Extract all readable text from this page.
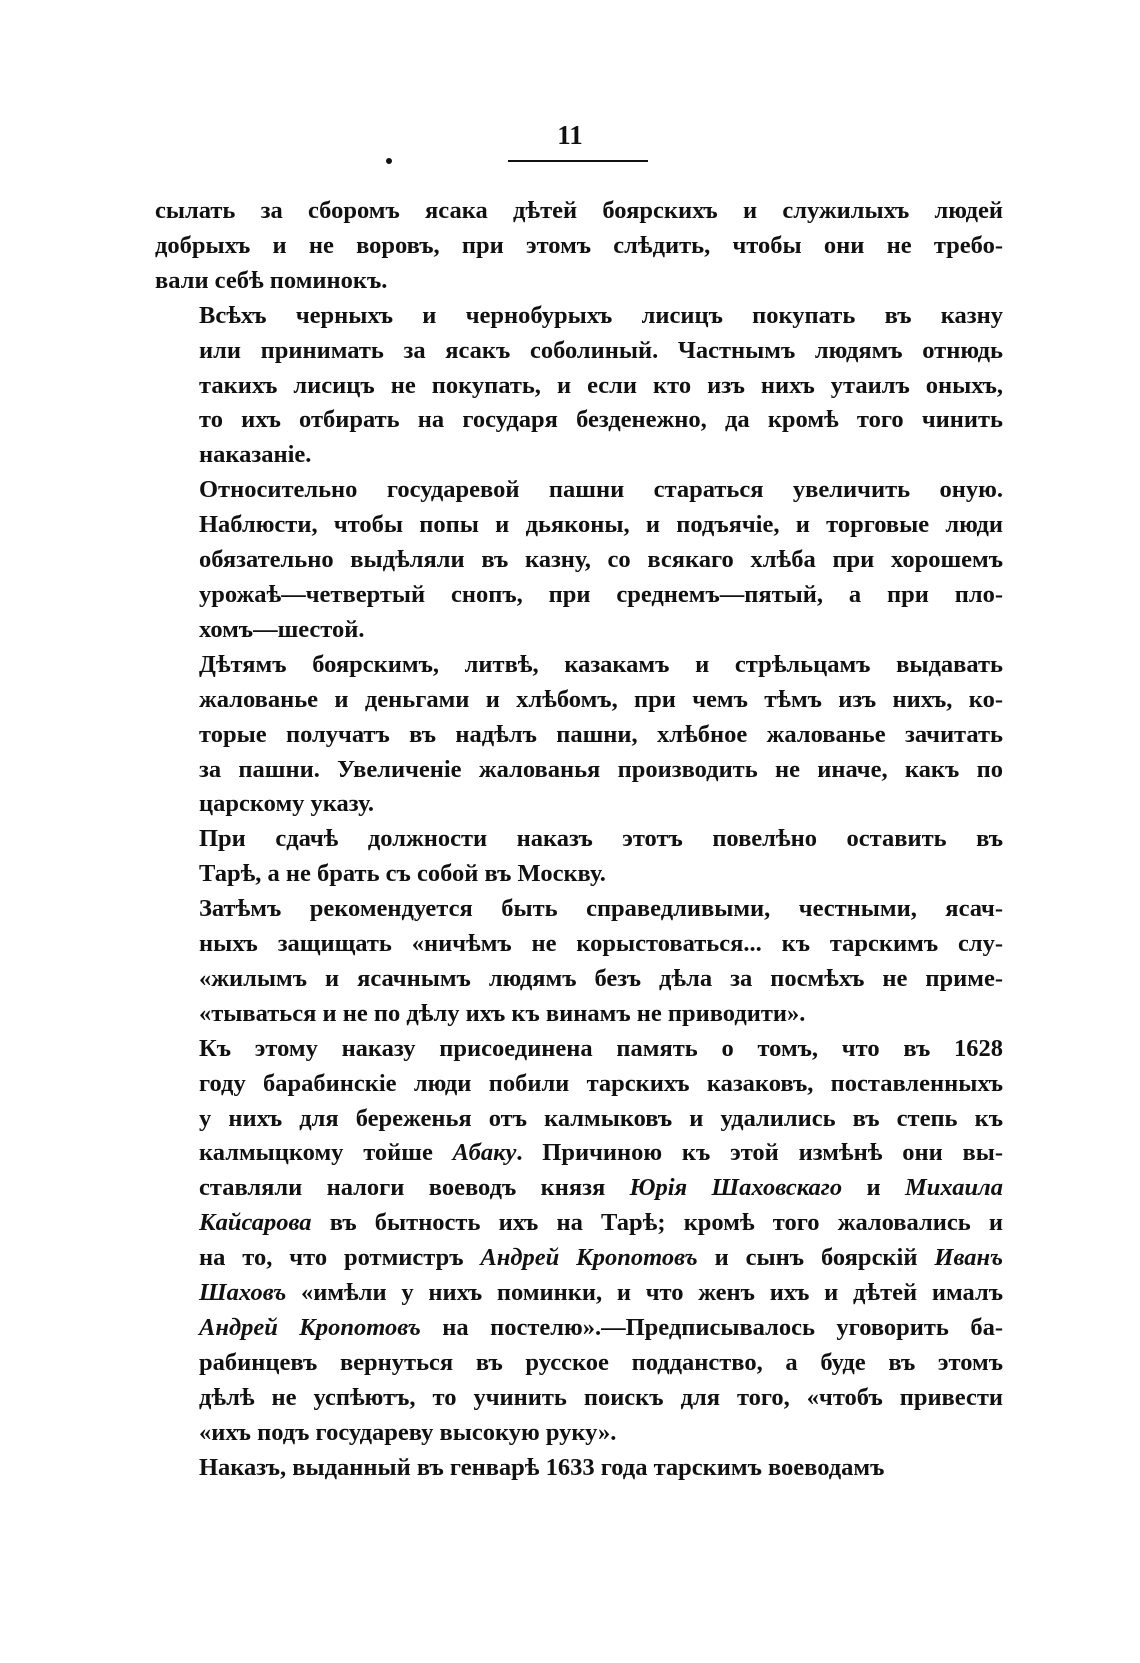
11

сылать за сборомъ ясака дѣтей боярскихъ и служилыхъ людей
добрыхъ и не воровъ, при этомъ слѣдить, чтобы они не требо-
вали себѣ поминокъ.

Всѣхъ черныхъ и чернобурыхъ лисицъ покупать въ казну
или принимать за ясакъ соболиный. Частнымъ людямъ отнюдь
такихъ лисицъ не покупать, и если кто изъ нихъ утаилъ оныхъ,
то ихъ отбирать на государя безденежно, да кромѣ того чинить
наказаніе.

Относительно государевой пашни стараться увеличить оную.
Наблюсти, чтобы попы и дьяконы, и подъячіе, и торговые люди
обязательно выдѣляли въ казну, со всякаго хлѣба при хорошемъ
урожаѣ—четвертый снопъ, при среднемъ—пятый, а при пло-
хомъ—шестой.

Дѣтямъ боярскимъ, литвѣ, казакамъ и стрѣльцамъ выдавать
жалованье и деньгами и хлѣбомъ, при чемъ тѣмъ изъ нихъ, ко-
торые получатъ въ надѣлъ пашни, хлѣбное жалованье зачитать
за пашни. Увеличеніе жалованья производить не иначе, какъ по
царскому указу.

При сдачѣ должности наказъ этотъ повелѣно оставить въ
Тарѣ, а не брать съ собой въ Москву.

Затѣмъ рекомендуется быть справедливыми, честными, ясач-
ныхъ защищать «ничѣмъ не корыстоваться... къ тарскимъ слу-
«жилымъ и ясачнымъ людямъ безъ дѣла за посмѣхъ не приме-
«тываться и не по дѣлу ихъ къ винамъ не приводити».

Къ этому наказу присоединена память о томъ, что въ 1628
году барабинскіе люди побили тарскихъ казаковъ, поставленныхъ
у нихъ для береженья отъ калмыковъ и удалились въ степь къ
калмыцкому тойше Абаку. Причиною къ этой измѣнѣ они вы-
ставляли налоги воеводъ князя Юрія Шаховскаго и Михаила
Кайсарова въ бытность ихъ на Тарѣ; кромѣ того жаловались и
на то, что ротмистръ Андрей Кропотовъ и сынъ боярскій Иванъ
Шаховъ «имѣли у нихъ поминки, и что женъ ихъ и дѣтей ималъ
Андрей Кропотовъ на постелю».—Предписывалось уговорить ба-
рабинцевъ вернуться въ русское подданство, а буде въ этомъ
дѣлѣ не успѣютъ, то учинить поискъ для того, «чтобъ привести
«ихъ подъ государеву высокую руку».

Наказъ, выданный въ генварѣ 1633 года тарскимъ воеводамъ
